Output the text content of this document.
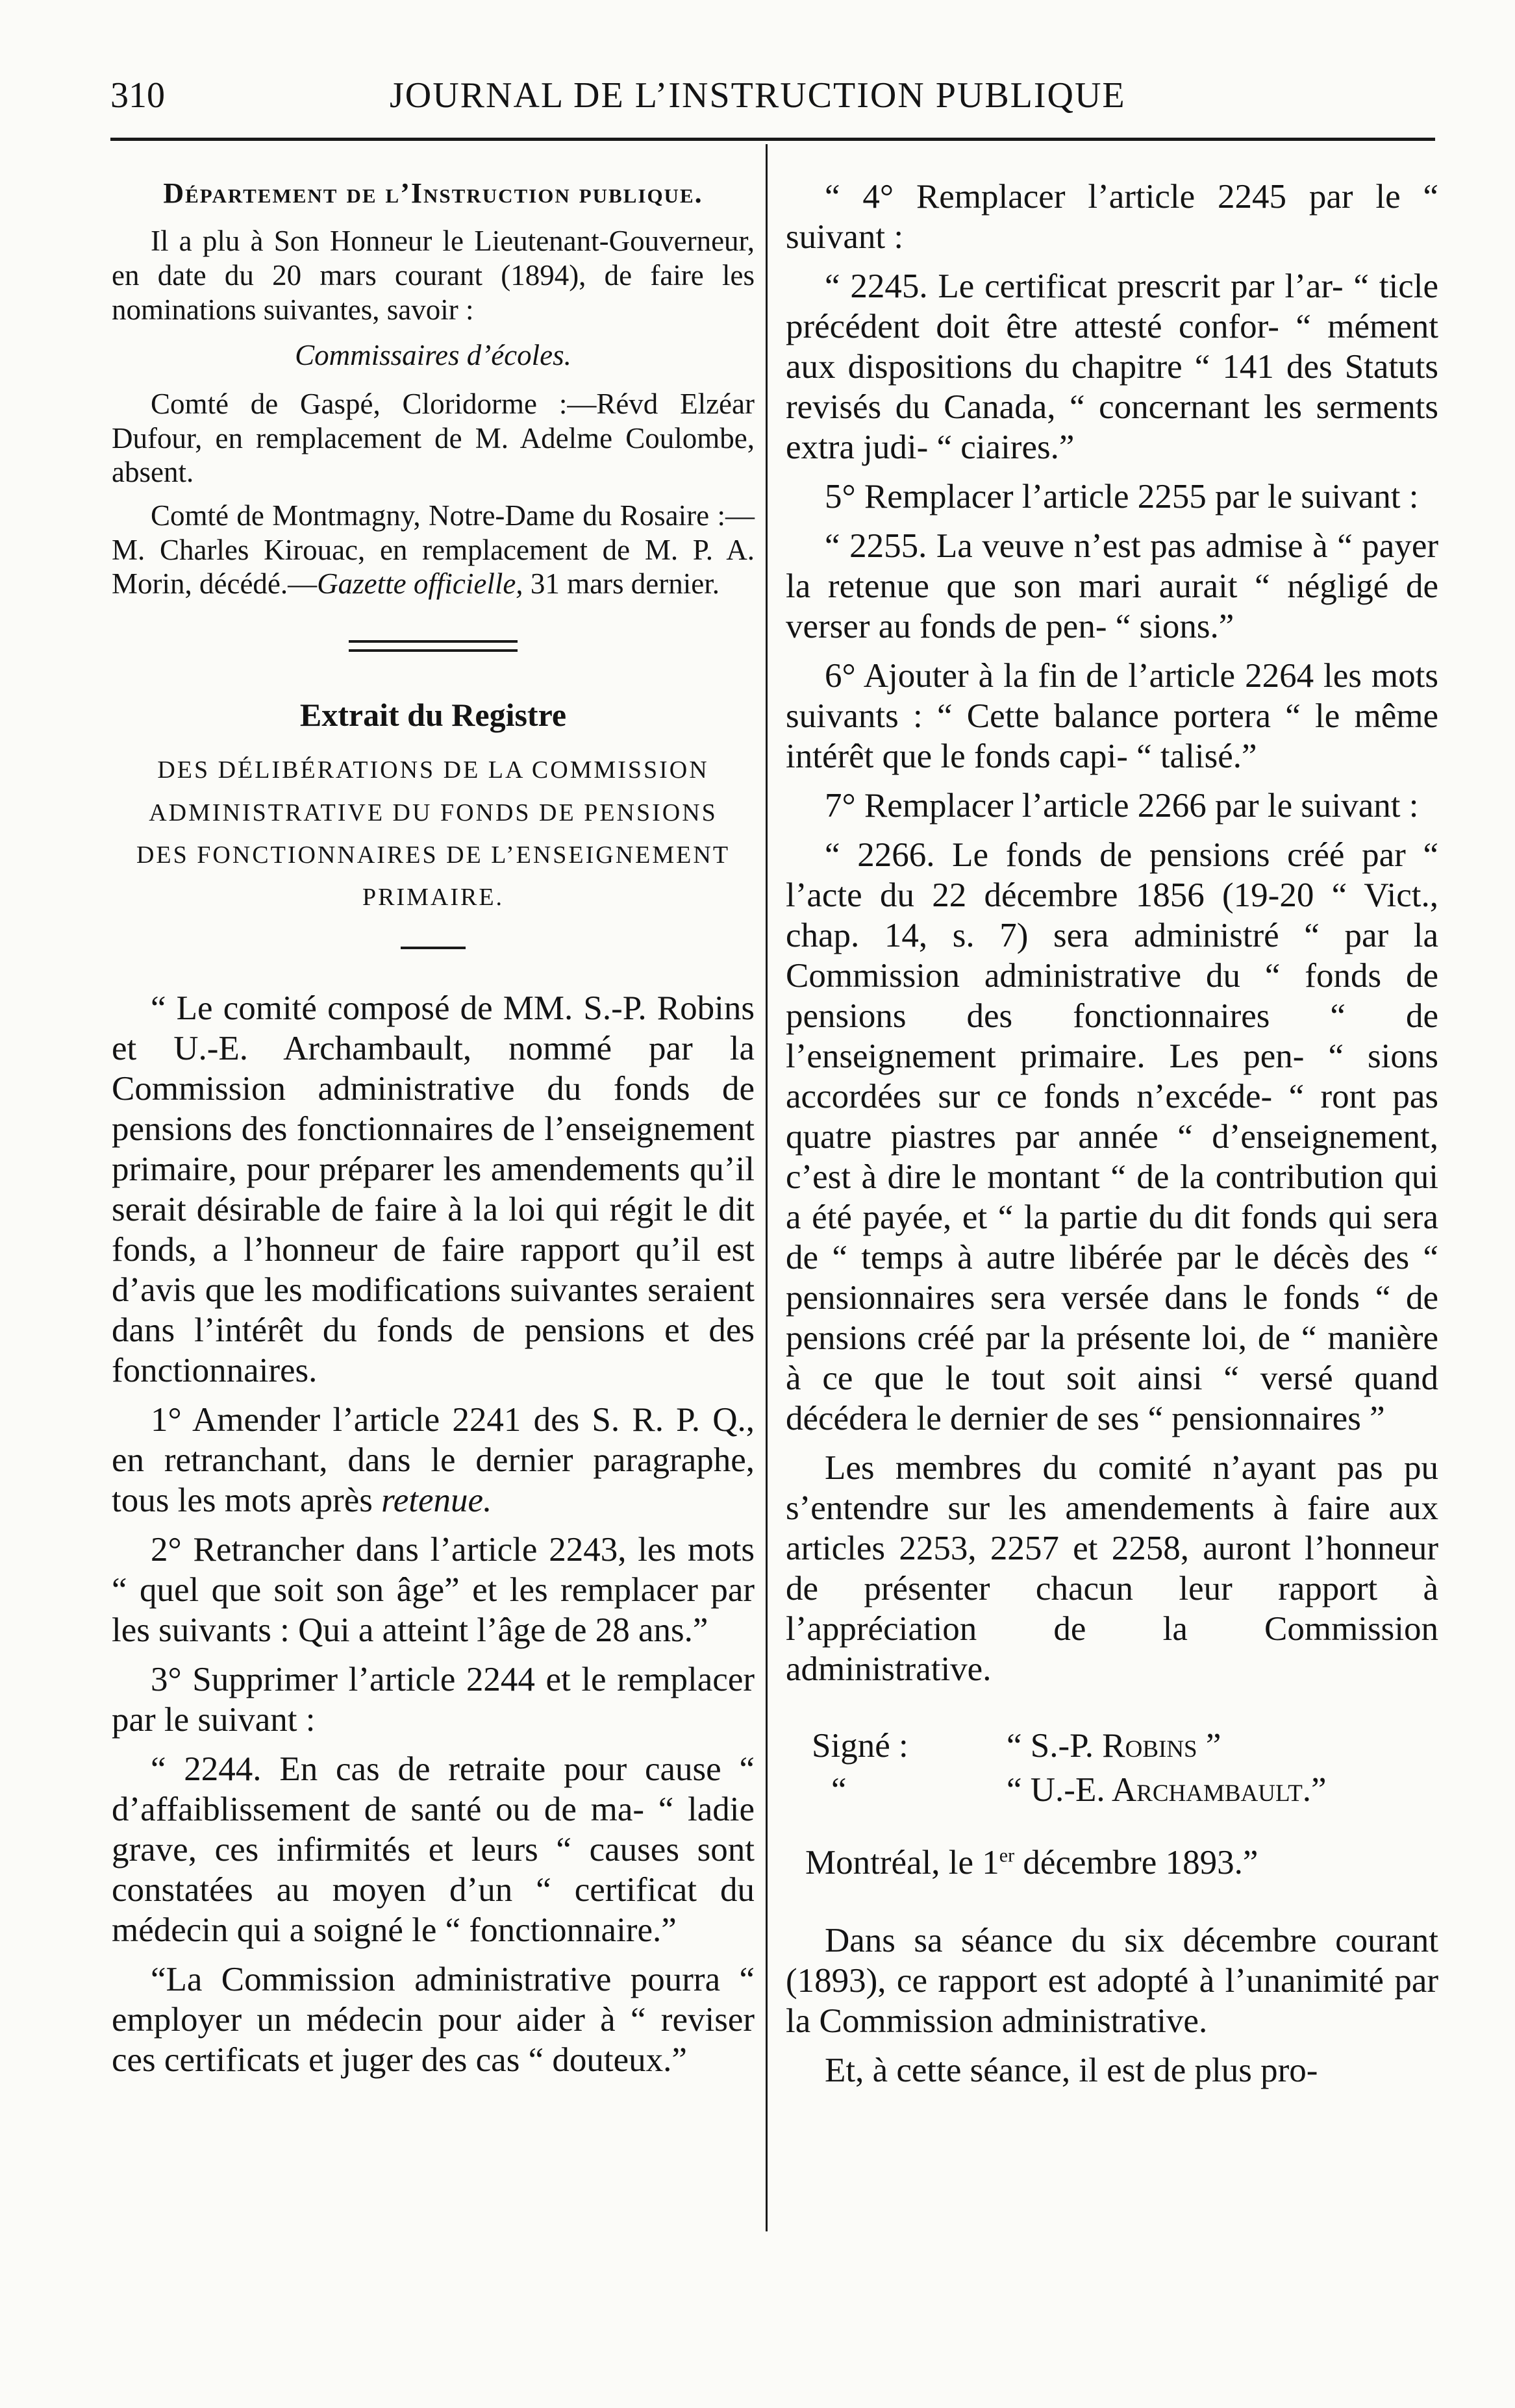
310	JOURNAL DE L’INSTRUCTION PUBLIQUE

Département de l’Instruction publique.

Il a plu à Son Honneur le Lieutenant-Gouverneur, en date du 20 mars courant (1894), de faire les nominations suivantes, savoir :

Commissaires d’écoles.

Comté de Gaspé, Cloridorme :—Révd Elzéar Dufour, en remplacement de M. Adelme Coulombe, absent.

Comté de Montmagny, Notre-Dame du Rosaire :—M. Charles Kirouac, en remplacement de M. P. A. Morin, décédé.—Gazette officielle, 31 mars dernier.

Extrait du Registre

DES DÉLIBÉRATIONS DE LA COMMISSION ADMINISTRATIVE DU FONDS DE PENSIONS DES FONCTIONNAIRES DE L’ENSEIGNEMENT PRIMAIRE.

“ Le comité composé de MM. S.-P. Robins et U.-E. Archambault, nommé par la Commission administrative du fonds de pensions des fonctionnaires de l’enseignement primaire, pour préparer les amendements qu’il serait désirable de faire à la loi qui régit le dit fonds, a l’honneur de faire rapport qu’il est d’avis que les modifications suivantes seraient dans l’intérêt du fonds de pensions et des fonctionnaires.

1° Amender l’article 2241 des S. R. P. Q., en retranchant, dans le dernier paragraphe, tous les mots après retenue.

2° Retrancher dans l’article 2243, les mots “ quel que soit son âge” et les remplacer par les suivants : Qui a atteint l’âge de 28 ans.”

3° Supprimer l’article 2244 et le remplacer par le suivant :

“ 2244. En cas de retraite pour cause “ d’affaiblissement de santé ou de ma- “ ladie grave, ces infirmités et leurs “ causes sont constatées au moyen d’un “ certificat du médecin qui a soigné le “ fonctionnaire.”

“La Commission administrative pourra “ employer un médecin pour aider à “ reviser ces certificats et juger des cas “ douteux.”

“ 4° Remplacer l’article 2245 par le “ suivant :

“ 2245. Le certificat prescrit par l’ar- “ ticle précédent doit être attesté confor- “ mément aux dispositions du chapitre “ 141 des Statuts revisés du Canada, “ concernant les serments extra judi- “ ciaires.”

5° Remplacer l’article 2255 par le suivant :

“ 2255. La veuve n’est pas admise à “ payer la retenue que son mari aurait “ négligé de verser au fonds de pen- “ sions.”

6° Ajouter à la fin de l’article 2264 les mots suivants : “ Cette balance portera “ le même intérêt que le fonds capi- “ talisé.”

7° Remplacer l’article 2266 par le suivant :

“ 2266. Le fonds de pensions créé par “ l’acte du 22 décembre 1856 (19-20 “ Vict., chap. 14, s. 7) sera administré “ par la Commission administrative du “ fonds de pensions des fonctionnaires “ de l’enseignement primaire. Les pen- “ sions accordées sur ce fonds n’excéde- “ ront pas quatre piastres par année “ d’enseignement, c’est à dire le montant “ de la contribution qui a été payée, et “ la partie du dit fonds qui sera de “ temps à autre libérée par le décès des “ pensionnaires sera versée dans le fonds “ de pensions créé par la présente loi, de “ manière à ce que le tout soit ainsi “ versé quand décédera le dernier de ses “ pensionnaires ”

Les membres du comité n’ayant pas pu s’entendre sur les amendements à faire aux articles 2253, 2257 et 2258, auront l’honneur de présenter chacun leur rapport à l’appréciation de la Commission administrative.

Signé :	“ S.-P. Robins ”
“	“ U.-E. Archambault.”

Montréal, le 1er décembre 1893.”

Dans sa séance du six décembre courant (1893), ce rapport est adopté à l’unanimité par la Commission administrative.

Et, à cette séance, il est de plus pro-
